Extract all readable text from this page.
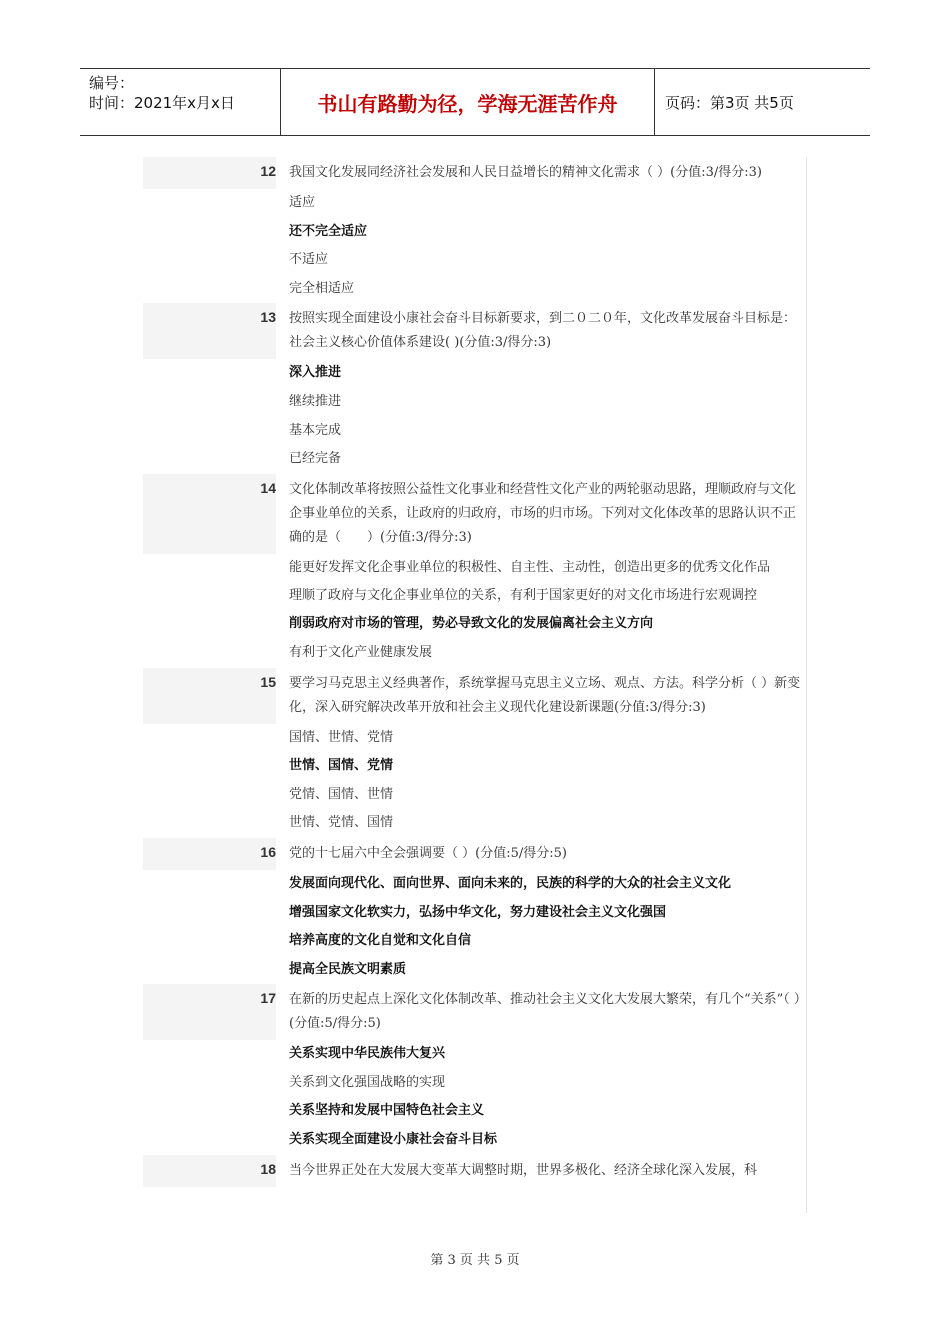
编号：
时间：2021年x月x日	书山有路勤为径，学海无涯苦作舟	页码：第3页 共5页
12	我国文化发展同经济社会发展和人民日益增长的精神文化需求（ ）(分值:3/得分:3)
适应
还不完全适应
不适应
完全相适应
13	按照实现全面建设小康社会奋斗目标新要求，到二０二０年，文化改革发展奋斗目标是：社会主义核心价值体系建设( )(分值:3/得分:3)
深入推进
继续推进
基本完成
已经完备
14	文化体制改革将按照公益性文化事业和经营性文化产业的两轮驱动思路，理顺政府与文化企事业单位的关系，让政府的归政府，市场的归市场。下列对文化体改革的思路认识不正确的是（　　）(分值:3/得分:3)
能更好发挥文化企事业单位的积极性、自主性、主动性，创造出更多的优秀文化作品
理顺了政府与文化企事业单位的关系，有利于国家更好的对文化市场进行宏观调控
削弱政府对市场的管理，势必导致文化的发展偏离社会主义方向
有利于文化产业健康发展
15	要学习马克思主义经典著作，系统掌握马克思主义立场、观点、方法。科学分析（ ）新变化，深入研究解决改革开放和社会主义现代化建设新课题(分值:3/得分:3)
国情、世情、党情
世情、国情、党情
党情、国情、世情
世情、党情、国情
16	党的十七届六中全会强调要（ ）(分值:5/得分:5)
发展面向现代化、面向世界、面向未来的，民族的科学的大众的社会主义文化
增强国家文化软实力，弘扬中华文化，努力建设社会主义文化强国
培养高度的文化自觉和文化自信
提高全民族文明素质
17	在新的历史起点上深化文化体制改革、推动社会主义文化大发展大繁荣，有几个“关系”（ ）(分值:5/得分:5)
关系实现中华民族伟大复兴
关系到文化强国战略的实现
关系坚持和发展中国特色社会主义
关系实现全面建设小康社会奋斗目标
18	当今世界正处在大发展大变革大调整时期，世界多极化、经济全球化深入发展，科
第 3 页 共 5 页
